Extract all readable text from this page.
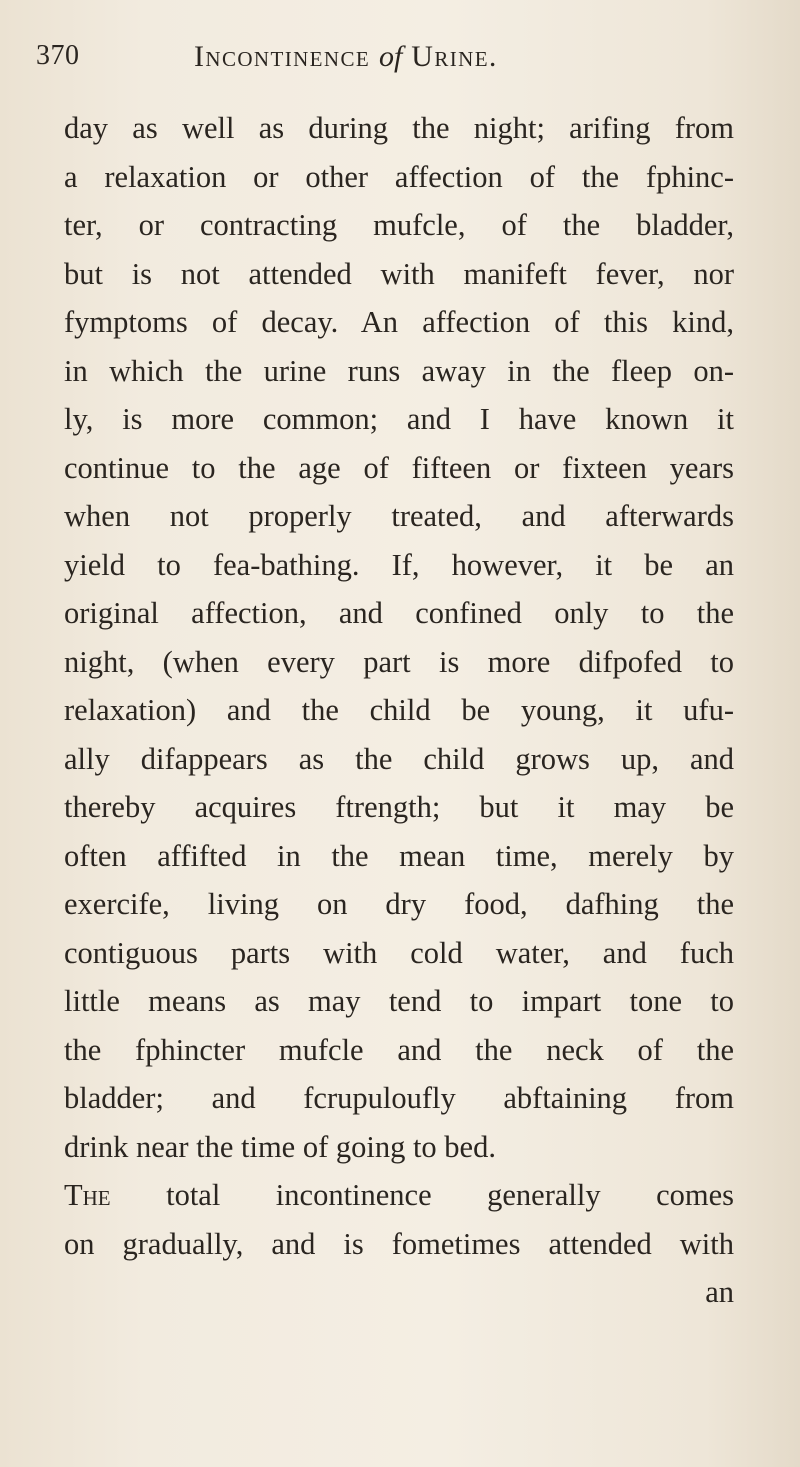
370	Incontinence of Urine.
day as well as during the night; arifing from
a relaxation or other affection of the fphinc-
ter, or contracting mufcle, of the bladder,
but is not attended with manifeft fever, nor
fymptoms of decay. An affection of this kind,
in which the urine runs away in the fleep on-
ly, is more common; and I have known it
continue to the age of fifteen or fixteen years
when not properly treated, and afterwards
yield to fea-bathing. If, however, it be an
original affection, and confined only to the
night, (when every part is more difpofed to
relaxation) and the child be young, it ufu-
ally difappears as the child grows up, and
thereby acquires ftrength; but it may be
often affifted in the mean time, merely by
exercife, living on dry food, dafhing the
contiguous parts with cold water, and fuch
little means as may tend to impart tone to
the fphincter mufcle and the neck of the
bladder; and fcrupuloufly abftaining from
drink near the time of going to bed.
The total incontinence generally comes
on gradually, and is fometimes attended with
an
